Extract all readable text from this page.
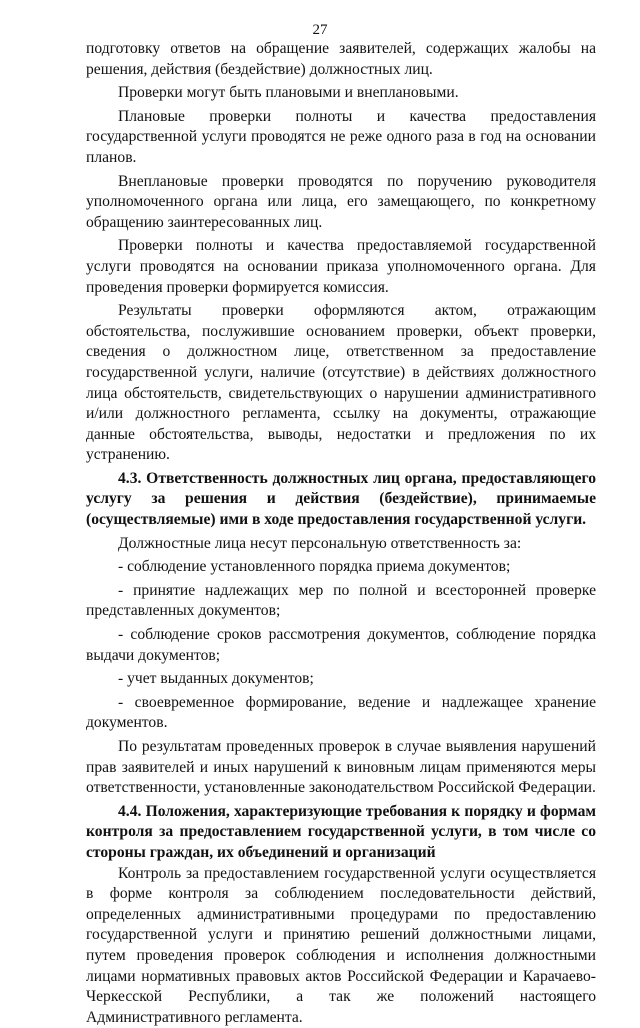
27

подготовку ответов на обращение заявителей, содержащих жалобы на решения, действия (бездействие) должностных лиц.

Проверки могут быть плановыми и внеплановыми.

Плановые проверки полноты и качества предоставления государственной услуги проводятся не реже одного раза в год на основании планов.

Внеплановые проверки проводятся по поручению руководителя уполномоченного органа или лица, его замещающего, по конкретному обращению заинтересованных лиц.

Проверки полноты и качества предоставляемой государственной услуги проводятся на основании приказа уполномоченного органа. Для проведения проверки формируется комиссия.

Результаты проверки оформляются актом, отражающим обстоятельства, послужившие основанием проверки, объект проверки, сведения о должностном лице, ответственном за предоставление государственной услуги, наличие (отсутствие) в действиях должностного лица обстоятельств, свидетельствующих о нарушении административного и/или должностного регламента, ссылку на документы, отражающие данные обстоятельства, выводы, недостатки и предложения по их устранению.

4.3. Ответственность должностных лиц органа, предоставляющего услугу за решения и действия (бездействие), принимаемые (осуществляемые) ими в ходе предоставления государственной услуги.

Должностные лица несут персональную ответственность за:

- соблюдение установленного порядка приема документов;

- принятие надлежащих мер по полной и всесторонней проверке представленных документов;

- соблюдение сроков рассмотрения документов, соблюдение порядка выдачи документов;

- учет выданных документов;

- своевременное формирование, ведение и надлежащее хранение документов.

По результатам проведенных проверок в случае выявления нарушений прав заявителей и иных нарушений к виновным лицам применяются меры ответственности, установленные законодательством Российской Федерации.

4.4. Положения, характеризующие требования к порядку и формам контроля за предоставлением государственной услуги, в том числе со стороны граждан, их объединений и организаций

Контроль за предоставлением государственной услуги осуществляется в форме контроля за соблюдением последовательности действий, определенных административными процедурами по предоставлению государственной услуги и принятию решений должностными лицами, путем проведения проверок соблюдения и исполнения должностными лицами нормативных правовых актов Российской Федерации и Карачаево-Черкесской Республики, а так же положений настоящего Административного регламента.
